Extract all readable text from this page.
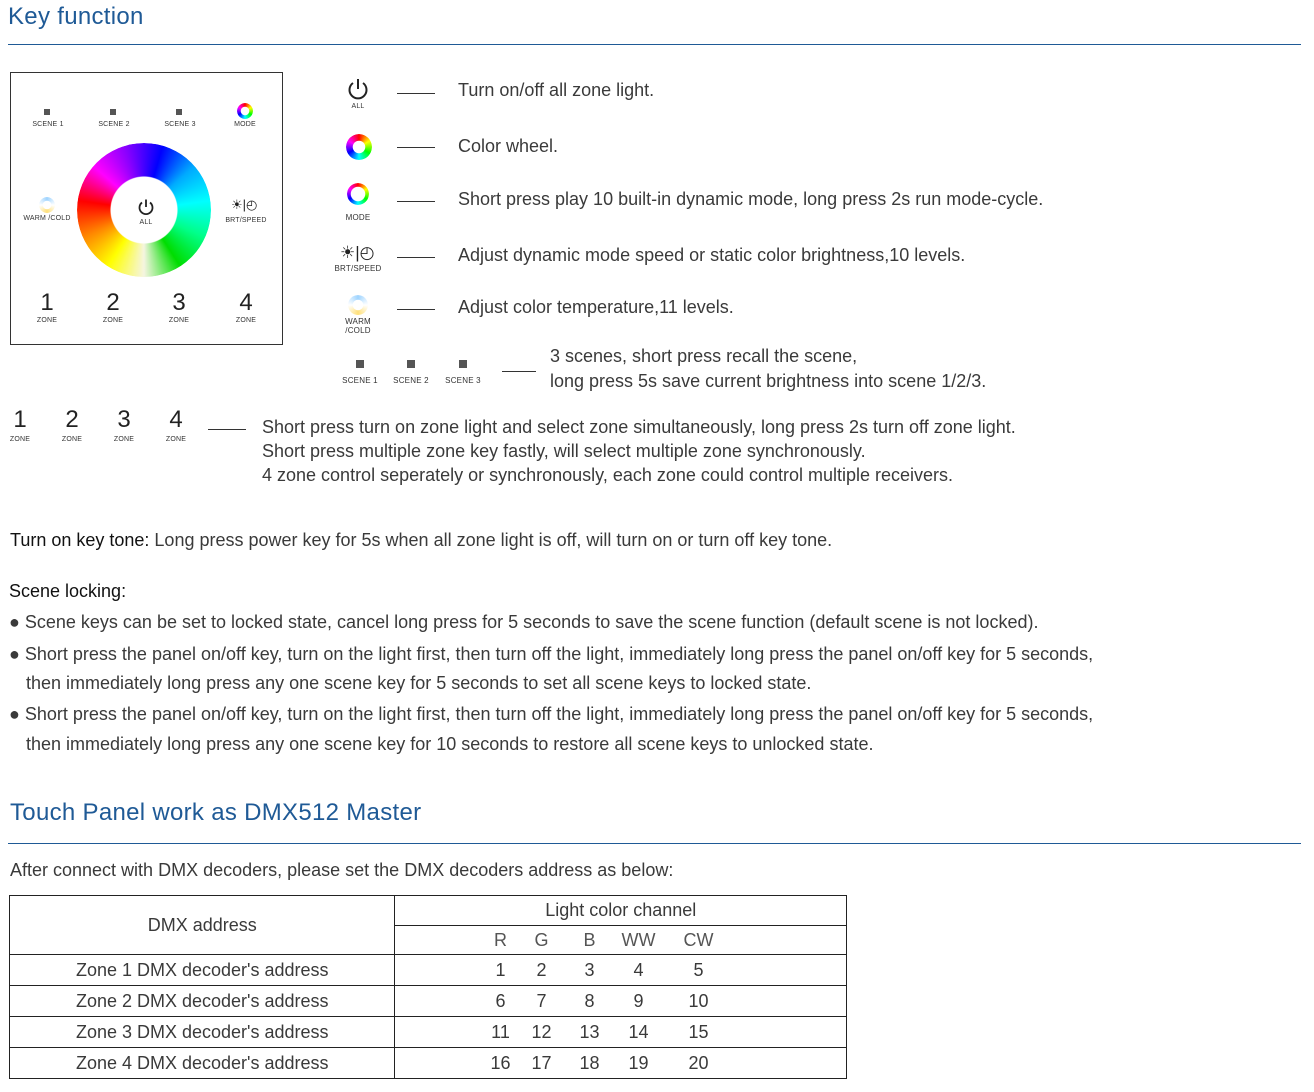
Key function
SCENE 1	SCENE 2	SCENE 3	MODE
ALL
WARM /COLD
☀|◴
BRT/SPEED
1
ZONE
2
ZONE
3
ZONE
4
ZONE
ALL
Turn on/off all zone light.
Color wheel.
MODE
Short press play 10 built-in dynamic mode, long press 2s run mode-cycle.
☀|◴
BRT/SPEED
Adjust dynamic mode speed or static color brightness,10 levels.
WARM /COLD
Adjust color temperature,11 levels.
SCENE 1	SCENE 2	SCENE 3
3 scenes, short press recall the scene,
long press 5s save current brightness into scene 1/2/3.
1
ZONE
2
ZONE
3
ZONE
4
ZONE
Short press turn on zone light and select zone simultaneously, long press 2s turn off zone light.
Short press multiple zone key fastly, will select multiple zone synchronously.
4 zone control seperately or synchronously, each zone could control multiple receivers.
Turn on key tone: Long press power key for 5s when all zone light is off, will turn on or turn off key tone.
Scene locking:
● Scene keys can be set to locked state, cancel long press for 5 seconds to save the scene function (default scene is not locked).
● Short press the panel on/off key, turn on the light first, then turn off the light, immediately long press the panel on/off key for 5 seconds,
then immediately long press any one scene key for 5 seconds to set all scene keys to locked state.
● Short press the panel on/off key, turn on the light first, then turn off the light, immediately long press the panel on/off key for 5 seconds,
then immediately long press any one scene key for 10 seconds to restore all scene keys to unlocked state.
Touch Panel work as DMX512 Master
After connect with DMX decoders, please set the DMX decoders address as below:
DMX address	Light color channel
	R G B WW CW
Zone 1 DMX decoder's address	1 2 3 4 5
Zone 2 DMX decoder's address	6 7 8 9 10
Zone 3 DMX decoder's address	11 12 13 14 15
Zone 4 DMX decoder's address	16 17 18 19 20
